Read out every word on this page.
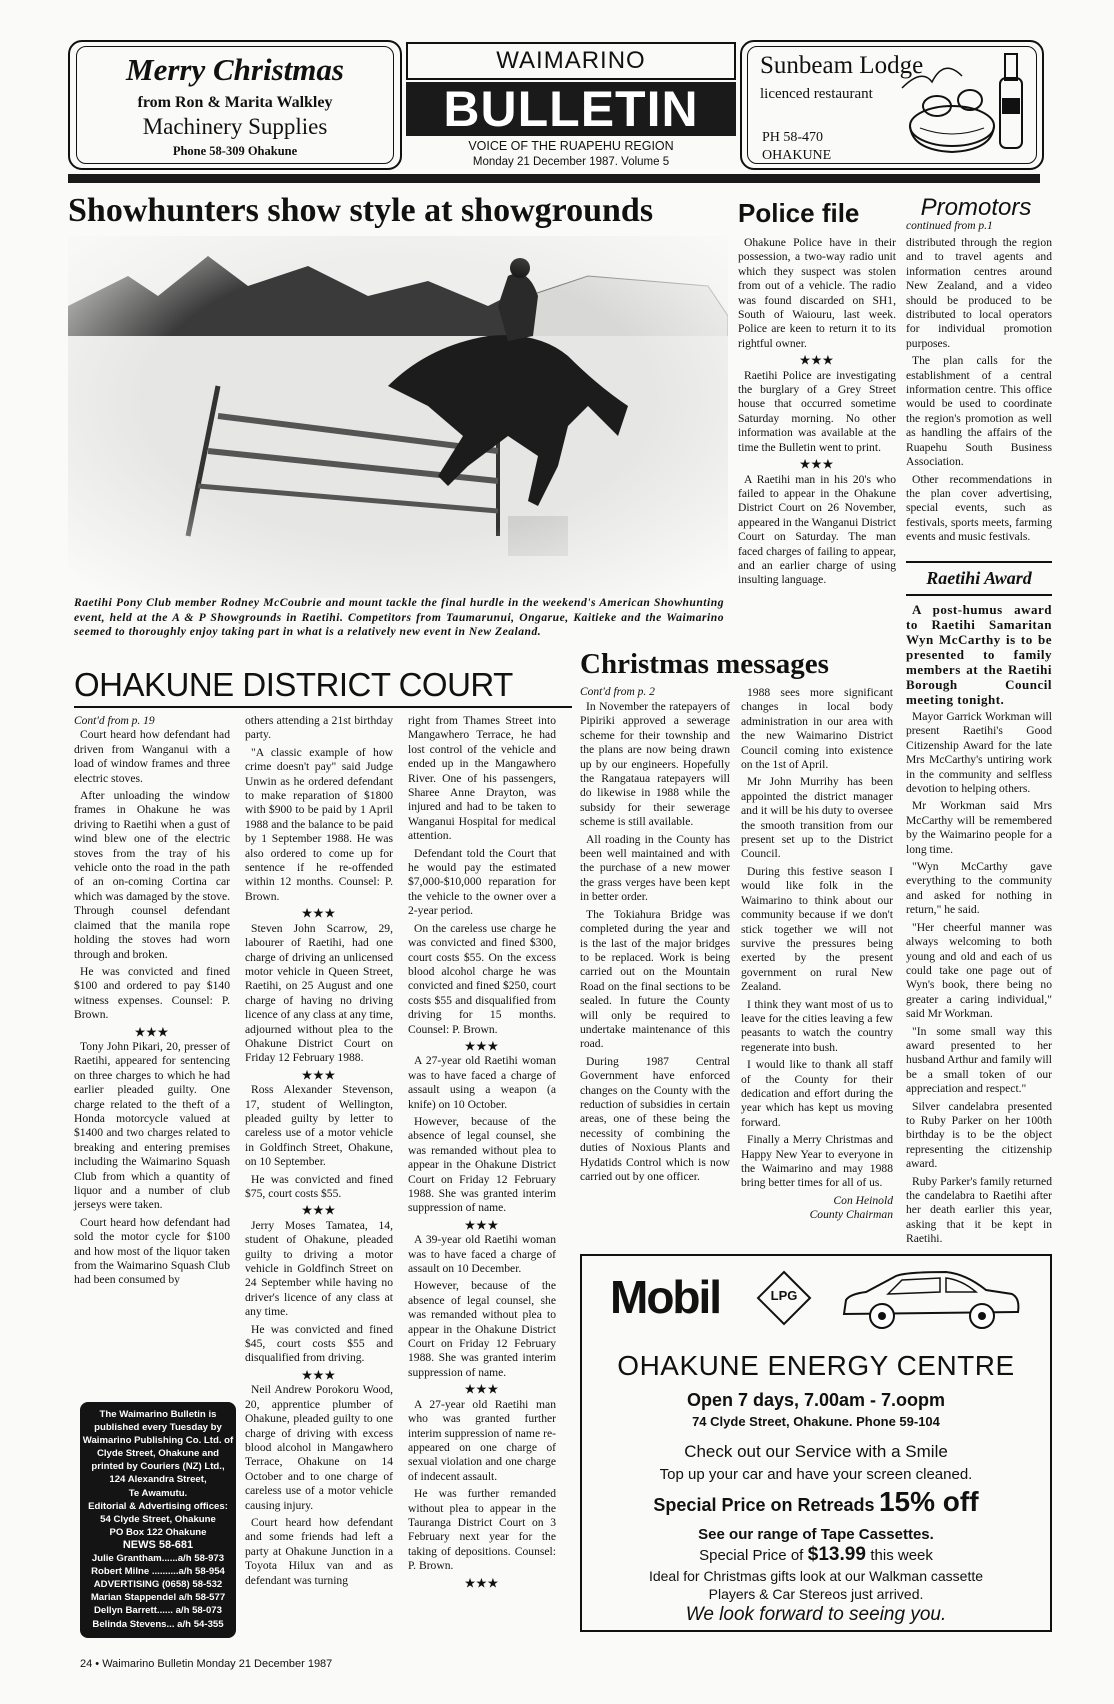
Merry Christmas
from Ron & Marita Walkley
Machinery Supplies
Phone 58-309 Ohakune
WAIMARINO
BULLETIN
VOICE OF THE RUAPEHU REGION
Monday 21 December 1987. Volume 5
Sunbeam Lodge
licenced restaurant
PH 58-470
OHAKUNE
Showhunters show style at showgrounds
Raetihi Pony Club member Rodney McCoubrie and mount tackle the final hurdle in the weekend's American Showhunting event, held at the A & P Showgrounds in Raetihi. Competitors from Taumarunui, Ongarue, Kaitieke and the Waimarino seemed to thoroughly enjoy taking part in what is a relatively new event in New Zealand.
Police file

Ohakune Police have in their possession, a two-way radio unit which they suspect was stolen from out of a vehicle. The radio was found discarded on SH1, South of Waiouru, last week. Police are keen to return it to its rightful owner.

★★★

Raetihi Police are investigating the burglary of a Grey Street house that occurred sometime Saturday morning. No other information was available at the time the Bulletin went to print.

★★★

A Raetihi man in his 20's who failed to appear in the Ohakune District Court on 26 November, appeared in the Wanganui District Court on Saturday. The man faced charges of failing to appear, and an earlier charge of using insulting language.

Promotors
continued from p.1

distributed through the region and to travel agents and information centres around New Zealand, and a video should be produced to be distributed to local operators for individual promotion purposes.

The plan calls for the establishment of a central information centre. This office would be used to coordinate the region's promotion as well as handling the affairs of the Ruapehu South Business Association.

Other recommendations in the plan cover advertising, special events, such as festivals, sports meets, farming events and music festivals.

Raetihi Award

A post-humus award to Raetihi Samaritan Wyn McCarthy is to be presented to family members at the Raetihi Borough Council meeting tonight.

Mayor Garrick Workman will present Raetihi's Good Citizenship Award for the late Mrs McCarthy's untiring work in the community and selfless devotion to helping others.

Mr Workman said Mrs McCarthy will be remembered by the Waimarino people for a long time.

"Wyn McCarthy gave everything to the community and asked for nothing in return," he said.

"Her cheerful manner was always welcoming to both young and old and each of us could take one page out of Wyn's book, there being no greater a caring individual," said Mr Workman.

"In some small way this award presented to her husband Arthur and family will be a small token of our appreciation and respect."

Silver candelabra presented to Ruby Parker on her 100th birthday is to be the object representing the citizenship award.

Ruby Parker's family returned the candelabra to Raetihi after her death earlier this year, asking that it be kept in Raetihi.

OHAKUNE DISTRICT COURT
Cont'd from p. 19

Court heard how defendant had driven from Wanganui with a load of window frames and three electric stoves.

After unloading the window frames in Ohakune he was driving to Raetihi when a gust of wind blew one of the electric stoves from the tray of his vehicle onto the road in the path of an on-coming Cortina car which was damaged by the stove. Through counsel defendant claimed that the manila rope holding the stoves had worn through and broken.

He was convicted and fined $100 and ordered to pay $140 witness expenses. Counsel: P. Brown.

★★★

Tony John Pikari, 20, presser of Raetihi, appeared for sentencing on three charges to which he had earlier pleaded guilty. One charge related to the theft of a Honda motorcycle valued at $1400 and two charges related to breaking and entering premises including the Waimarino Squash Club from which a quantity of liquor and a number of club jerseys were taken.

Court heard how defendant had sold the motor cycle for $100 and how most of the liquor taken from the Waimarino Squash Club had been consumed by

others attending a 21st birthday party.

"A classic example of how crime doesn't pay" said Judge Unwin as he ordered defendant to make reparation of $1800 with $900 to be paid by 1 April 1988 and the balance to be paid by 1 September 1988. He was also ordered to come up for sentence if he re-offended within 12 months. Counsel: P. Brown.

★★★

Steven John Scarrow, 29, labourer of Raetihi, had one charge of driving an unlicensed motor vehicle in Queen Street, Raetihi, on 25 August and one charge of having no driving licence of any class at any time, adjourned without plea to the Ohakune District Court on Friday 12 February 1988.

★★★

Ross Alexander Stevenson, 17, student of Wellington, pleaded guilty by letter to careless use of a motor vehicle in Goldfinch Street, Ohakune, on 10 September.

He was convicted and fined $75, court costs $55.

★★★

Jerry Moses Tamatea, 14, student of Ohakune, pleaded guilty to driving a motor vehicle in Goldfinch Street on 24 September while having no driver's licence of any class at any time.

He was convicted and fined $45, court costs $55 and disqualified from driving.

★★★

Neil Andrew Porokoru Wood, 20, apprentice plumber of Ohakune, pleaded guilty to one charge of driving with excess blood alcohol in Mangawhero Terrace, Ohakune on 14 October and to one charge of careless use of a motor vehicle causing injury.

Court heard how defendant and some friends had left a party at Ohakune Junction in a Toyota Hilux van and as defendant was turning

right from Thames Street into Mangawhero Terrace, he had lost control of the vehicle and ended up in the Mangawhero River. One of his passengers, Sharee Anne Drayton, was injured and had to be taken to Wanganui Hospital for medical attention.

Defendant told the Court that he would pay the estimated $7,000-$10,000 reparation for the vehicle to the owner over a 2-year period.

On the careless use charge he was convicted and fined $300, court costs $55. On the excess blood alcohol charge he was convicted and fined $250, court costs $55 and disqualified from driving for 15 months. Counsel: P. Brown.

★★★

A 27-year old Raetihi woman was to have faced a charge of assault using a weapon (a knife) on 10 October.

However, because of the absence of legal counsel, she was remanded without plea to appear in the Ohakune District Court on Friday 12 February 1988. She was granted interim suppression of name.

★★★

A 39-year old Raetihi woman was to have faced a charge of assault on 10 December.

However, because of the absence of legal counsel, she was remanded without plea to appear in the Ohakune District Court on Friday 12 February 1988. She was granted interim suppression of name.

★★★

A 27-year old Raetihi man who was granted further interim suppression of name re-appeared on one charge of sexual violation and one charge of indecent assault.

He was further remanded without plea to appear in the Tauranga District Court on 3 February next year for the taking of depositions. Counsel: P. Brown.

★★★
Christmas messages
Cont'd from p. 2

In November the ratepayers of Pipiriki approved a sewerage scheme for their township and the plans are now being drawn up by our engineers. Hopefully the Rangataua ratepayers will do likewise in 1988 while the subsidy for their sewerage scheme is still available.

All roading in the County has been well maintained and with the purchase of a new mower the grass verges have been kept in better order.

The Tokiahura Bridge was completed during the year and is the last of the major bridges to be replaced. Work is being carried out on the Mountain Road on the final sections to be sealed. In future the County will only be required to undertake maintenance of this road.

During 1987 Central Government have enforced changes on the County with the reduction of subsidies in certain areas, one of these being the necessity of combining the duties of Noxious Plants and Hydatids Control which is now carried out by one officer.

1988 sees more significant changes in local body administration in our area with the new Waimarino District Council coming into existence on the 1st of April.

Mr John Murrihy has been appointed the district manager and it will be his duty to oversee the smooth transition from our present set up to the District Council.

During this festive season I would like folk in the Waimarino to think about our community because if we don't stick together we will not survive the pressures being exerted by the present government on rural New Zealand.

I think they want most of us to leave for the cities leaving a few peasants to watch the country regenerate into bush.

I would like to thank all staff of the County for their dedication and effort during the year which has kept us moving forward.

Finally a Merry Christmas and Happy New Year to everyone in the Waimarino and may 1988 bring better times for all of us.

Con Heinold
County Chairman
Mobil	LPG
OHAKUNE ENERGY CENTRE
Open 7 days, 7.00am - 7.oopm
74 Clyde Street, Ohakune. Phone 59-104
Check out our Service with a Smile
Top up your car and have your screen cleaned.
Special Price on Retreads 15% off
See our range of Tape Cassettes.
Special Price of $13.99 this week
Ideal for Christmas gifts look at our Walkman cassette
Players & Car Stereos just arrived.
We look forward to seeing you.
The Waimarino Bulletin is
published every Tuesday by
Waimarino Publishing Co. Ltd. of
Clyde Street, Ohakune and
printed by Couriers (NZ) Ltd.,
124 Alexandra Street,
Te Awamutu.
Editorial & Advertising offices:
54 Clyde Street, Ohakune
PO Box 122 Ohakune
NEWS 58-681
Julie Grantham......a/h 58-973
Robert Milne ..........a/h 58-954
ADVERTISING (0658) 58-532
Marian Stappendel a/h 58-577
Dellyn Barrett...... a/h 58-073
Belinda Stevens... a/h 54-355
24 • Waimarino Bulletin Monday 21 December 1987
